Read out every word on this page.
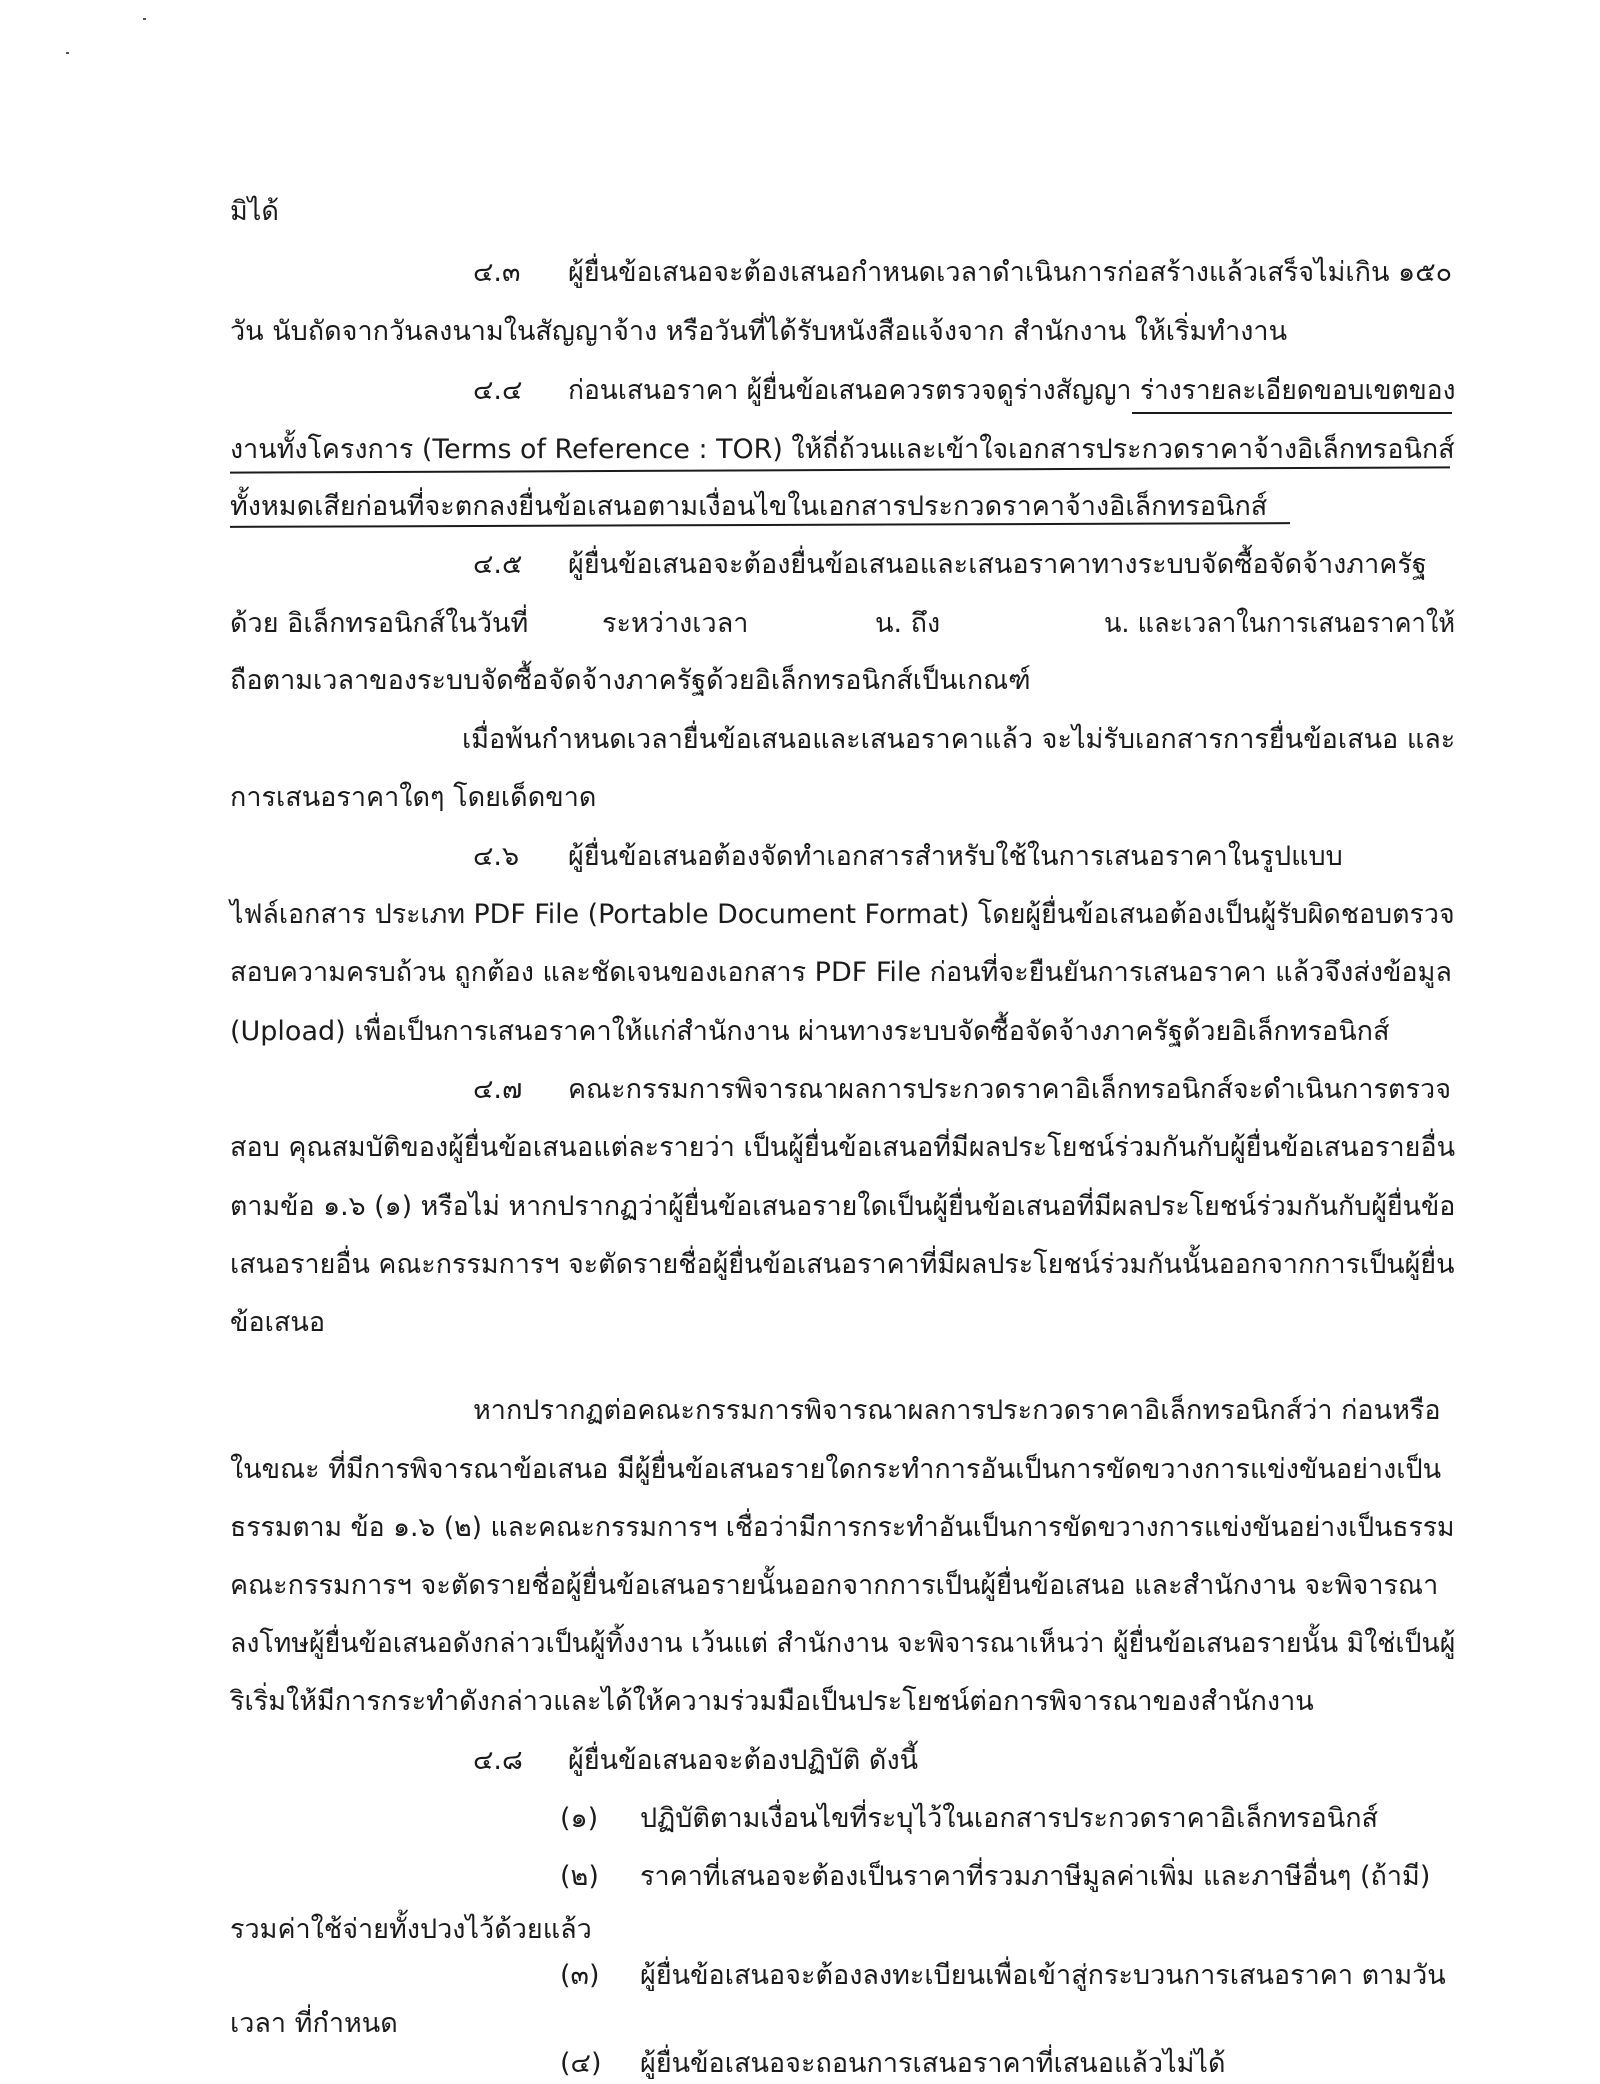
มิได้
๔.๓ ผู้ยื่นข้อเสนอจะต้องเสนอกำหนดเวลาดำเนินการก่อสร้างแล้วเสร็จไม่เกิน ๑๕๐
วัน นับถัดจากวันลงนามในสัญญาจ้าง หรือวันที่ได้รับหนังสือแจ้งจาก สำนักงาน ให้เริ่มทำงาน
๔.๔ ก่อนเสนอราคา ผู้ยื่นข้อเสนอควรตรวจดูร่างสัญญา ร่างรายละเอียดขอบเขตของ
งานทั้งโครงการ (Terms of Reference : TOR) ให้ถี่ถ้วนและเข้าใจเอกสารประกวดราคาจ้างอิเล็กทรอนิกส์
ทั้งหมดเสียก่อนที่จะตกลงยื่นข้อเสนอตามเงื่อนไขในเอกสารประกวดราคาจ้างอิเล็กทรอนิกส์
๔.๕ ผู้ยื่นข้อเสนอจะต้องยื่นข้อเสนอและเสนอราคาทางระบบจัดซื้อจัดจ้างภาครัฐ
ด้วย อิเล็กทรอนิกส์ในวันที่	ระหว่างเวลา	น. ถึง	น. และเวลาในการเสนอราคาให้
ถือตามเวลาของระบบจัดซื้อจัดจ้างภาครัฐด้วยอิเล็กทรอนิกส์เป็นเกณฑ์
เมื่อพ้นกำหนดเวลายื่นข้อเสนอและเสนอราคาแล้ว จะไม่รับเอกสารการยื่นข้อเสนอ และ
การเสนอราคาใดๆ โดยเด็ดขาด
๔.๖ ผู้ยื่นข้อเสนอต้องจัดทำเอกสารสำหรับใช้ในการเสนอราคาในรูปแบบ
ไฟล์เอกสาร ประเภท PDF File (Portable Document Format) โดยผู้ยื่นข้อเสนอต้องเป็นผู้รับผิดชอบตรวจ
สอบความครบถ้วน ถูกต้อง และชัดเจนของเอกสาร PDF File ก่อนที่จะยืนยันการเสนอราคา แล้วจึงส่งข้อมูล
(Upload) เพื่อเป็นการเสนอราคาให้แก่สำนักงาน ผ่านทางระบบจัดซื้อจัดจ้างภาครัฐด้วยอิเล็กทรอนิกส์
๔.๗ คณะกรรมการพิจารณาผลการประกวดราคาอิเล็กทรอนิกส์จะดำเนินการตรวจ
สอบ คุณสมบัติของผู้ยื่นข้อเสนอแต่ละรายว่า เป็นผู้ยื่นข้อเสนอที่มีผลประโยชน์ร่วมกันกับผู้ยื่นข้อเสนอรายอื่น
ตามข้อ ๑.๖ (๑) หรือไม่ หากปรากฏว่าผู้ยื่นข้อเสนอรายใดเป็นผู้ยื่นข้อเสนอที่มีผลประโยชน์ร่วมกันกับผู้ยื่นข้อ
เสนอรายอื่น คณะกรรมการฯ จะตัดรายชื่อผู้ยื่นข้อเสนอราคาที่มีผลประโยชน์ร่วมกันนั้นออกจากการเป็นผู้ยื่น
ข้อเสนอ
หากปรากฏต่อคณะกรรมการพิจารณาผลการประกวดราคาอิเล็กทรอนิกส์ว่า ก่อนหรือ
ในขณะ ที่มีการพิจารณาข้อเสนอ มีผู้ยื่นข้อเสนอรายใดกระทำการอันเป็นการขัดขวางการแข่งขันอย่างเป็น
ธรรมตาม ข้อ ๑.๖ (๒) และคณะกรรมการฯ เชื่อว่ามีการกระทำอันเป็นการขัดขวางการแข่งขันอย่างเป็นธรรม
คณะกรรมการฯ จะตัดรายชื่อผู้ยื่นข้อเสนอรายนั้นออกจากการเป็นผู้ยื่นข้อเสนอ และสำนักงาน จะพิจารณา
ลงโทษผู้ยื่นข้อเสนอดังกล่าวเป็นผู้ทิ้งงาน เว้นแต่ สำนักงาน จะพิจารณาเห็นว่า ผู้ยื่นข้อเสนอรายนั้น มิใช่เป็นผู้
ริเริ่มให้มีการกระทำดังกล่าวและได้ให้ความร่วมมือเป็นประโยชน์ต่อการพิจารณาของสำนักงาน
๔.๘ ผู้ยื่นข้อเสนอจะต้องปฏิบัติ ดังนี้
(๑) ปฏิบัติตามเงื่อนไขที่ระบุไว้ในเอกสารประกวดราคาอิเล็กทรอนิกส์
(๒) ราคาที่เสนอจะต้องเป็นราคาที่รวมภาษีมูลค่าเพิ่ม และภาษีอื่นๆ (ถ้ามี)
รวมค่าใช้จ่ายทั้งปวงไว้ด้วยแล้ว
(๓) ผู้ยื่นข้อเสนอจะต้องลงทะเบียนเพื่อเข้าสู่กระบวนการเสนอราคา ตามวัน
เวลา ที่กำหนด
(๔) ผู้ยื่นข้อเสนอจะถอนการเสนอราคาที่เสนอแล้วไม่ได้
